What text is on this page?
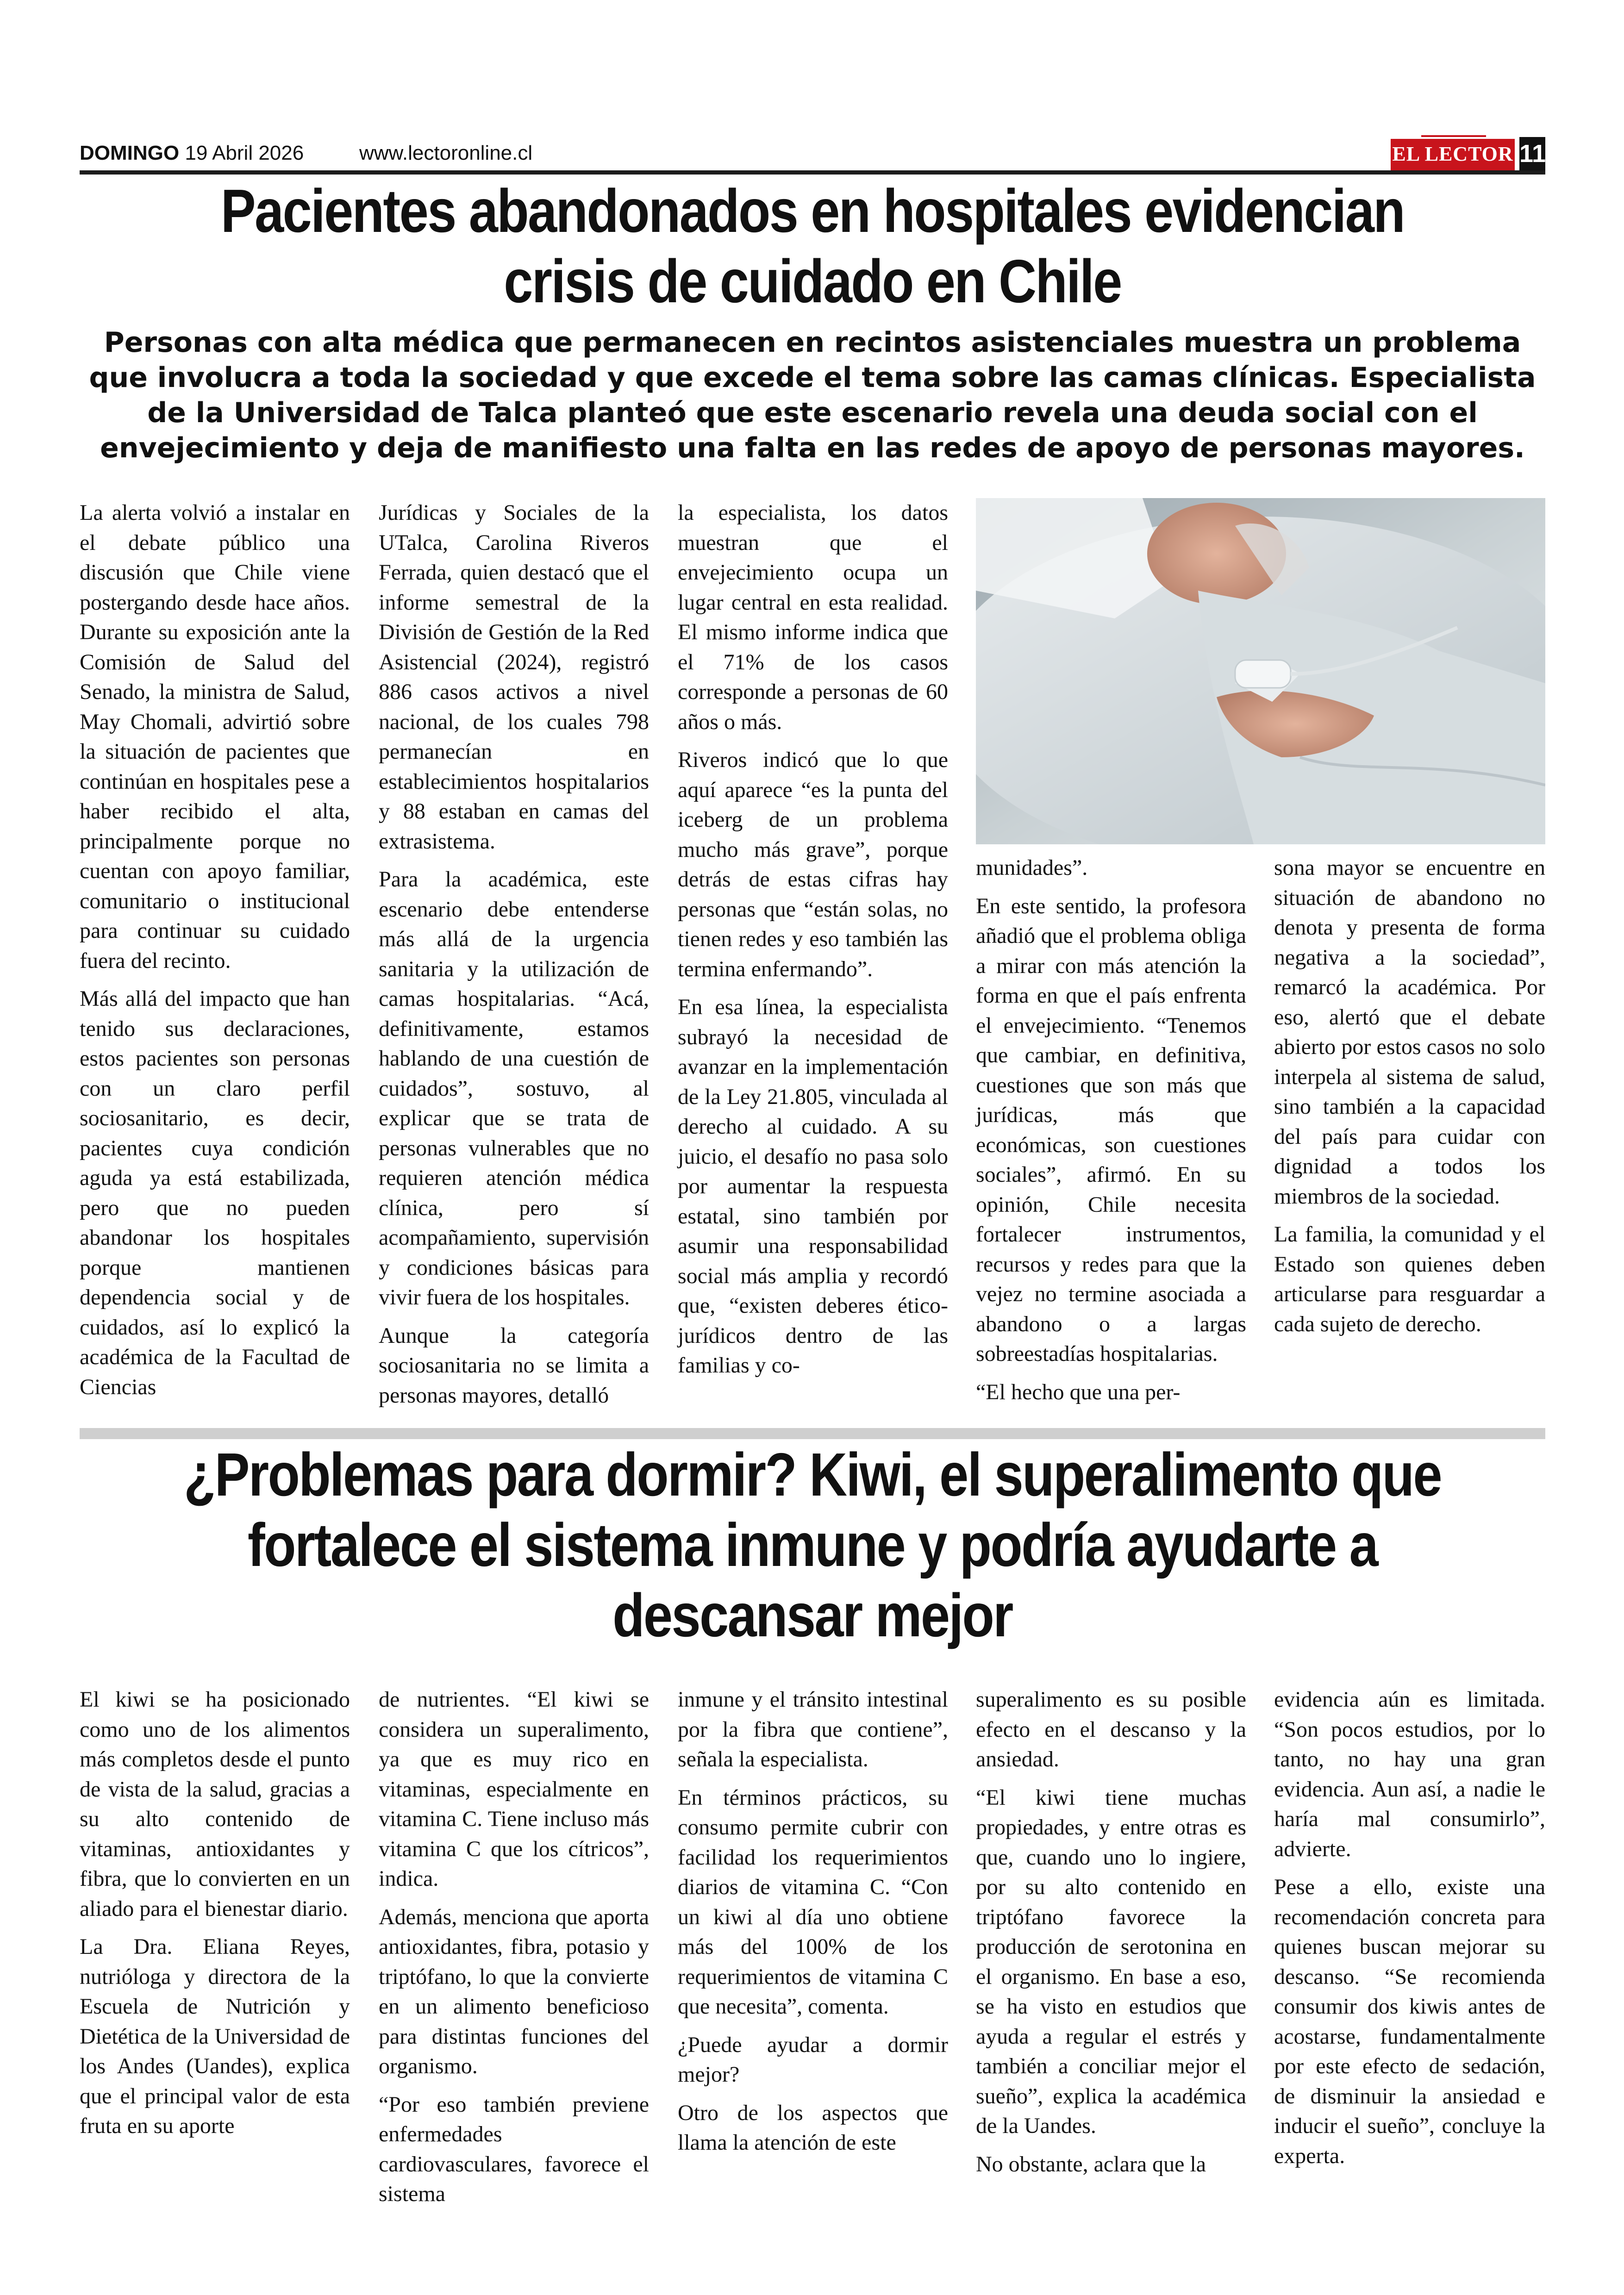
DOMINGO 19 Abril 2026	www.lectoronline.cl	EL LECTOR 11
Pacientes abandonados en hospitales evidencian
crisis de cuidado en Chile
Personas con alta médica que permanecen en recintos asistenciales muestra un problema que involucra a toda la sociedad y que excede el tema sobre las camas clínicas. Especialista de la Universidad de Talca planteó que este escenario revela una deuda social con el envejecimiento y deja de manifiesto una falta en las redes de apoyo de personas mayores.

La alerta volvió a instalar en el debate público una discusión que Chile viene postergando desde hace años. Durante su exposición ante la Comisión de Salud del Senado, la ministra de Salud, May Chomali, advirtió sobre la situación de pacientes que continúan en hospitales pese a haber recibido el alta, principalmente porque no cuentan con apoyo familiar, comunitario o institucional para continuar su cuidado fuera del recinto.

Más allá del impacto que han tenido sus declaraciones, estos pacientes son personas con un claro perfil sociosanitario, es decir, pacientes cuya condición aguda ya está estabilizada, pero que no pueden abandonar los hospitales porque mantienen dependencia social y de cuidados, así lo explicó la académica de la Facultad de Ciencias

Jurídicas y Sociales de la UTalca, Carolina Riveros Ferrada, quien destacó que el informe semestral de la División de Gestión de la Red Asistencial (2024), registró 886 casos activos a nivel nacional, de los cuales 798 permanecían en establecimientos hospitalarios y 88 estaban en camas del extrasistema.

Para la académica, este escenario debe entenderse más allá de la urgencia sanitaria y la utilización de camas hospitalarias. “Acá, definitivamente, estamos hablando de una cuestión de cuidados”, sostuvo, al explicar que se trata de personas vulnerables que no requieren atención médica clínica, pero sí acompañamiento, supervisión y condiciones básicas para vivir fuera de los hospitales.

Aunque la categoría sociosanitaria no se limita a personas mayores, detalló

la especialista, los datos muestran que el envejecimiento ocupa un lugar central en esta realidad. El mismo informe indica que el 71% de los casos corresponde a personas de 60 años o más.

Riveros indicó que lo que aquí aparece “es la punta del iceberg de un problema mucho más grave”, porque detrás de estas cifras hay personas que “están solas, no tienen redes y eso también las termina enfermando”.

En esa línea, la especialista subrayó la necesidad de avanzar en la implementación de la Ley 21.805, vinculada al derecho al cuidado. A su juicio, el desafío no pasa solo por aumentar la respuesta estatal, sino también por asumir una responsabilidad social más amplia y recordó que, “existen deberes ético-jurídicos dentro de las familias y co-

munidades”.

En este sentido, la profesora añadió que el problema obliga a mirar con más atención la forma en que el país enfrenta el envejecimiento. “Tenemos que cambiar, en definitiva, cuestiones que son más que jurídicas, más que económicas, son cuestiones sociales”, afirmó. En su opinión, Chile necesita fortalecer instrumentos, recursos y redes para que la vejez no termine asociada a abandono o a largas sobreestadías hospitalarias.

“El hecho que una per-

sona mayor se encuentre en situación de abandono no denota y presenta de forma negativa a la sociedad”, remarcó la académica. Por eso, alertó que el debate abierto por estos casos no solo interpela al sistema de salud, sino también a la capacidad del país para cuidar con dignidad a todos los miembros de la sociedad.

La familia, la comunidad y el Estado son quienes deben articularse para resguardar a cada sujeto de derecho.

¿Problemas para dormir? Kiwi, el superalimento que
fortalece el sistema inmune y podría ayudarte a
descansar mejor

El kiwi se ha posicionado como uno de los alimentos más completos desde el punto de vista de la salud, gracias a su alto contenido de vitaminas, antioxidantes y fibra, que lo convierten en un aliado para el bienestar diario.

La Dra. Eliana Reyes, nutrióloga y directora de la Escuela de Nutrición y Dietética de la Universidad de los Andes (Uandes), explica que el principal valor de esta fruta en su aporte

de nutrientes. “El kiwi se considera un superalimento, ya que es muy rico en vitaminas, especialmente en vitamina C. Tiene incluso más vitamina C que los cítricos”, indica.

Además, menciona que aporta antioxidantes, fibra, potasio y triptófano, lo que la convierte en un alimento beneficioso para distintas funciones del organismo.

“Por eso también previene enfermedades cardiovasculares, favorece el sistema

inmune y el tránsito intestinal por la fibra que contiene”, señala la especialista.

En términos prácticos, su consumo permite cubrir con facilidad los requerimientos diarios de vitamina C. “Con un kiwi al día uno obtiene más del 100% de los requerimientos de vitamina C que necesita”, comenta.

¿Puede ayudar a dormir mejor?

Otro de los aspectos que llama la atención de este

superalimento es su posible efecto en el descanso y la ansiedad.

“El kiwi tiene muchas propiedades, y entre otras es que, cuando uno lo ingiere, por su alto contenido en triptófano favorece la producción de serotonina en el organismo. En base a eso, se ha visto en estudios que ayuda a regular el estrés y también a conciliar mejor el sueño”, explica la académica de la Uandes.

No obstante, aclara que la

evidencia aún es limitada. “Son pocos estudios, por lo tanto, no hay una gran evidencia. Aun así, a nadie le haría mal consumirlo”, advierte.

Pese a ello, existe una recomendación concreta para quienes buscan mejorar su descanso. “Se recomienda consumir dos kiwis antes de acostarse, fundamentalmente por este efecto de sedación, de disminuir la ansiedad e inducir el sueño”, concluye la experta.
